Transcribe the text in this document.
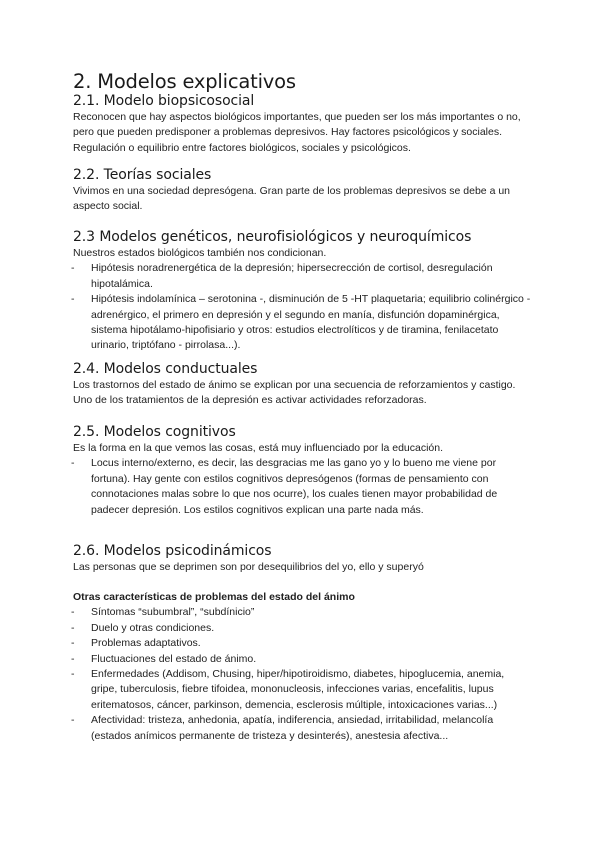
2. Modelos explicativos
2.1. Modelo biopsicosocial

Reconocen que hay aspectos biológicos importantes, que pueden ser los más importantes o no, pero que pueden predisponer a problemas depresivos. Hay factores psicológicos y sociales. Regulación o equilibrio entre factores biológicos, sociales y psicológicos.

2.2. Teorías sociales

Vivimos en una sociedad depresógena. Gran parte de los problemas depresivos se debe a un aspecto social.

2.3 Modelos genéticos, neurofisiológicos y neuroquímicos

Nuestros estados biológicos también nos condicionan.

- Hipótesis noradrenergética de la depresión; hipersecrección de cortisol, desregulación hipotalámica.
- Hipótesis indolamínica – serotonina -, disminución de 5 -HT plaquetaria; equilibrio colinérgico - adrenérgico, el primero en depresión y el segundo en manía, disfunción dopaminérgica, sistema hipotálamo-hipofisiario y otros: estudios electrolíticos y de tiramina, fenilacetato urinario, triptófano - pirrolasa...).
2.4. Modelos conductuales

Los trastornos del estado de ánimo se explican por una secuencia de reforzamientos y castigo. Uno de los tratamientos de la depresión es activar actividades reforzadoras.

2.5. Modelos cognitivos

Es la forma en la que vemos las cosas, está muy influenciado por la educación.

- Locus interno/externo, es decir, las desgracias me las gano yo y lo bueno me viene por fortuna). Hay gente con estilos cognitivos depresógenos (formas de pensamiento con connotaciones malas sobre lo que nos ocurre), los cuales tienen mayor probabilidad de padecer depresión. Los estilos cognitivos explican una parte nada más.
2.6. Modelos psicodinámicos

Las personas que se deprimen son por desequilibrios del yo, ello y superyó

Otras características de problemas del estado del ánimo
- Síntomas “subumbral”, “subdínicio”
- Duelo y otras condiciones.
- Problemas adaptativos.
- Fluctuaciones del estado de ánimo.
- Enfermedades (Addisom, Chusing, hiper/hipotiroidismo, diabetes, hipoglucemia, anemia, gripe, tuberculosis, fiebre tifoidea, mononucleosis, infecciones varias, encefalitis, lupus eritematosos, cáncer, parkinson, demencia, esclerosis múltiple, intoxicaciones varias...)
- Afectividad: tristeza, anhedonia, apatía, indiferencia, ansiedad, irritabilidad, melancolía (estados anímicos permanente de tristeza y desinterés), anestesia afectiva...
